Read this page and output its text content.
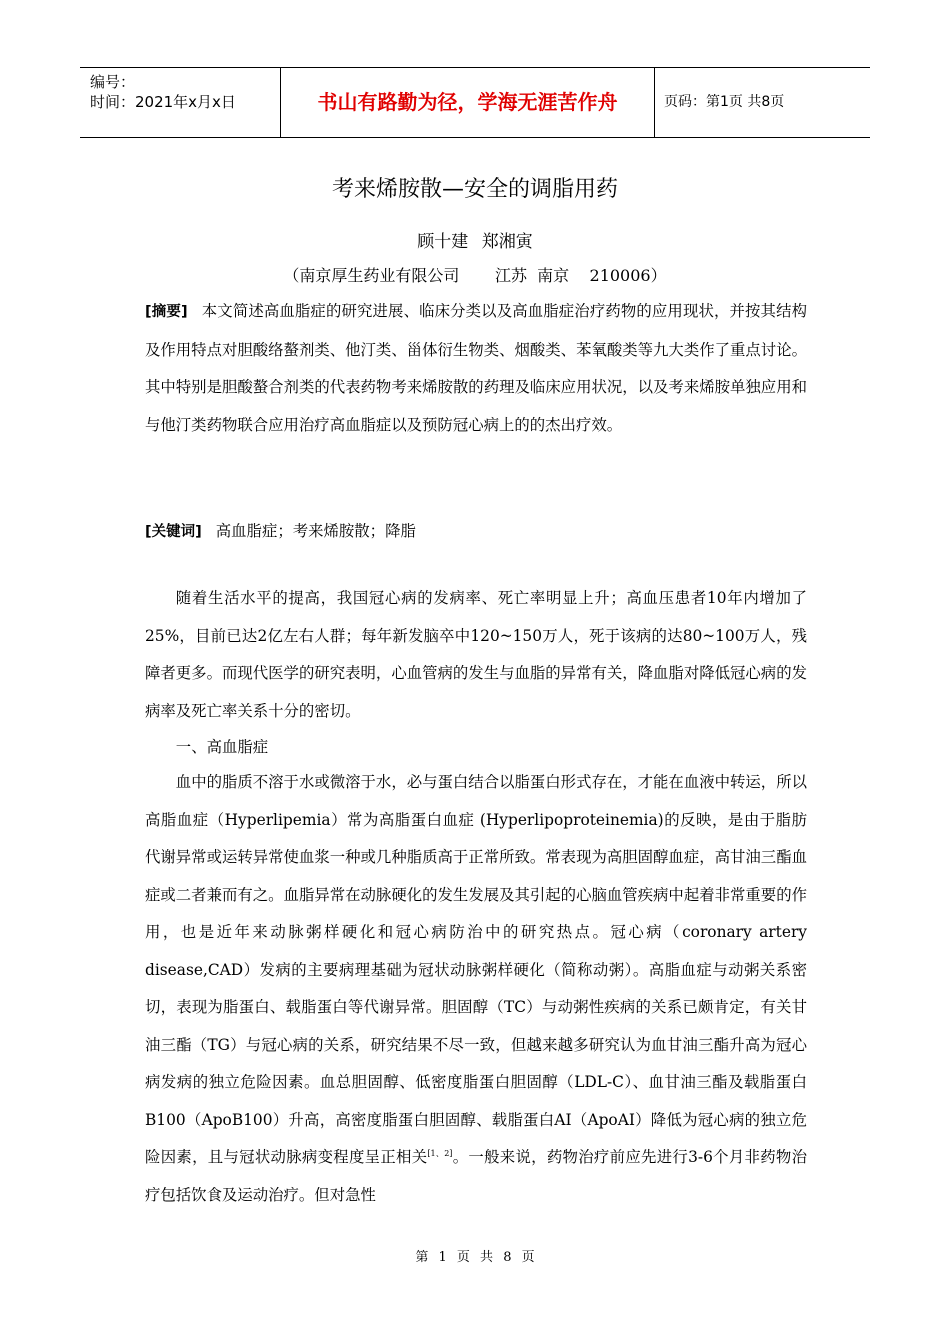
编号：
时间：2021年x月x日	书山有路勤为径，学海无涯苦作舟	页码：第1页 共8页
考来烯胺散—安全的调脂用药
顾十建 郑湘寅
（南京厚生药业有限公司       江苏  南京    210006）
[摘要] 本文简述高血脂症的研究进展、临床分类以及高血脂症治疗药物的应用现状，并按其结构及作用特点对胆酸络螯剂类、他汀类、甾体衍生物类、烟酸类、苯氧酸类等九大类作了重点讨论。其中特别是胆酸螯合剂类的代表药物考来烯胺散的药理及临床应用状况，以及考来烯胺单独应用和与他汀类药物联合应用治疗高血脂症以及预防冠心病上的的杰出疗效。
[关键词] 高血脂症；考来烯胺散；降脂
随着生活水平的提高，我国冠心病的发病率、死亡率明显上升；高血压患者10年内增加了25%，目前已达2亿左右人群；每年新发脑卒中120~150万人，死于该病的达80~100万人，残障者更多。而现代医学的研究表明，心血管病的发生与血脂的异常有关，降血脂对降低冠心病的发病率及死亡率关系十分的密切。
一、高血脂症
血中的脂质不溶于水或微溶于水，必与蛋白结合以脂蛋白形式存在，才能在血液中转运，所以高脂血症（Hyperlipemia）常为高脂蛋白血症 (Hyperlipoproteinemia)的反映，是由于脂肪代谢异常或运转异常使血浆一种或几种脂质高于正常所致。常表现为高胆固醇血症，高甘油三酯血症或二者兼而有之。血脂异常在动脉硬化的发生发展及其引起的心脑血管疾病中起着非常重要的作用，也是近年来动脉粥样硬化和冠心病防治中的研究热点。冠心病（coronary artery disease,CAD）发病的主要病理基础为冠状动脉粥样硬化（简称动粥）。高脂血症与动粥关系密切，表现为脂蛋白、载脂蛋白等代谢异常。胆固醇（TC）与动粥性疾病的关系已颇肯定，有关甘油三酯（TG）与冠心病的关系，研究结果不尽一致，但越来越多研究认为血甘油三酯升高为冠心病发病的独立危险因素。血总胆固醇、低密度脂蛋白胆固醇（LDL-C）、血甘油三酯及载脂蛋白B100（ApoB100）升高，高密度脂蛋白胆固醇、载脂蛋白AI（ApoAI）降低为冠心病的独立危险因素，且与冠状动脉病变程度呈正相关[1、2]。一般来说，药物治疗前应先进行3-6个月非药物治疗包括饮食及运动治疗。但对急性
第 1 页 共 8 页
